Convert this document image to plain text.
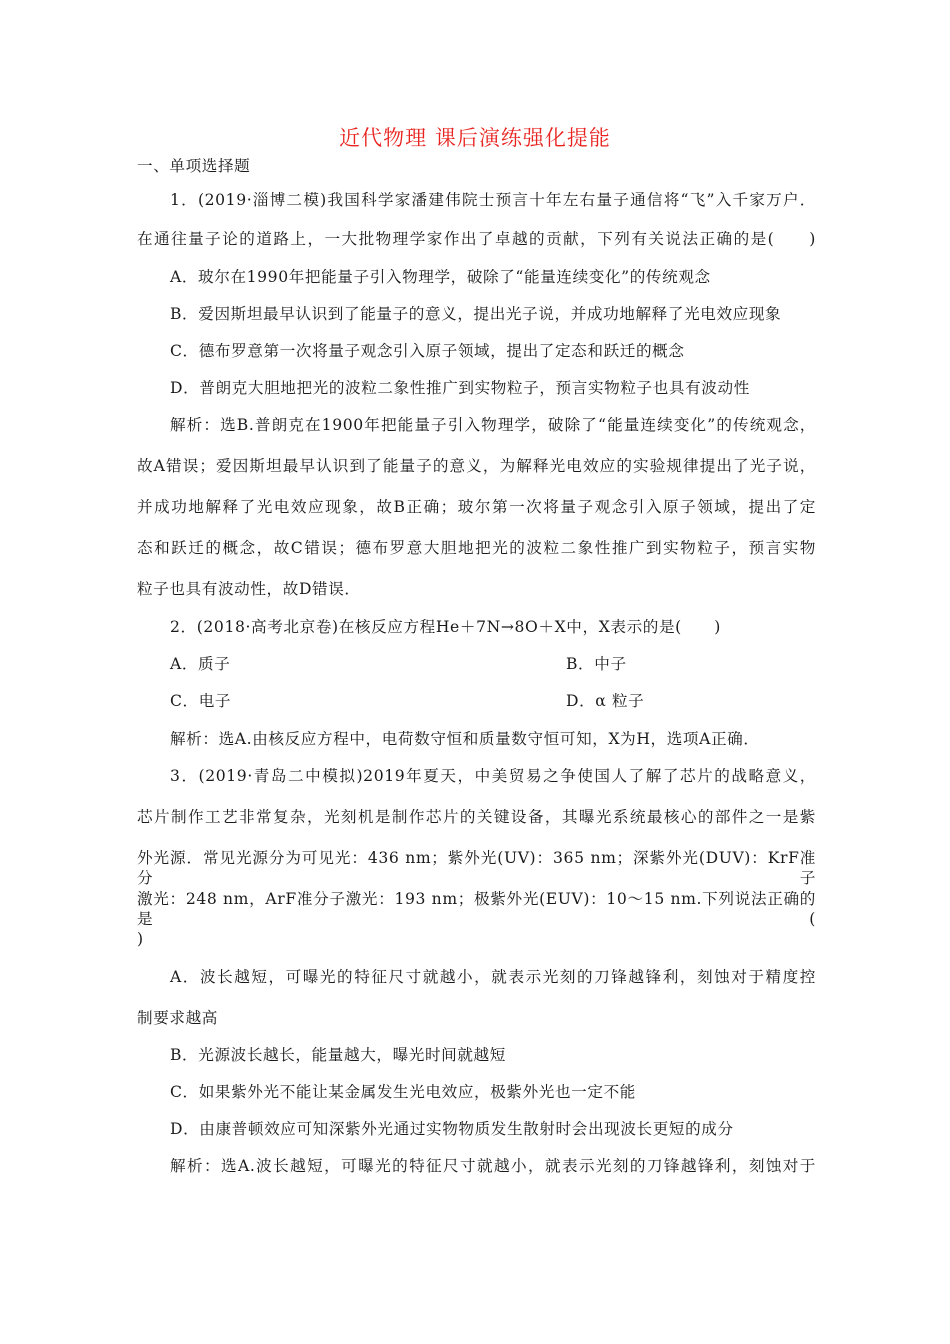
近代物理 课后演练强化提能
一、单项选择题
1．(2019·淄博二模)我国科学家潘建伟院士预言十年左右量子通信将“飞”入千家万户．
在通往量子论的道路上，一大批物理学家作出了卓越的贡献，下列有关说法正确的是(　　)
A．玻尔在1990年把能量子引入物理学，破除了“能量连续变化”的传统观念
B．爱因斯坦最早认识到了能量子的意义，提出光子说，并成功地解释了光电效应现象
C．德布罗意第一次将量子观念引入原子领域，提出了定态和跃迁的概念
D．普朗克大胆地把光的波粒二象性推广到实物粒子，预言实物粒子也具有波动性
解析：选B.普朗克在1900年把能量子引入物理学，破除了“能量连续变化”的传统观念，
故A错误；爱因斯坦最早认识到了能量子的意义，为解释光电效应的实验规律提出了光子说，
并成功地解释了光电效应现象，故B正确；玻尔第一次将量子观念引入原子领域，提出了定
态和跃迁的概念，故C错误；德布罗意大胆地把光的波粒二象性推广到实物粒子，预言实物
粒子也具有波动性，故D错误．
2．(2018·高考北京卷)在核反应方程He＋7N→8O＋X中，X表示的是(　　)
A．质子	B．中子
C．电子	D．α 粒子
解析：选A.由核反应方程中，电荷数守恒和质量数守恒可知，X为H，选项A正确．
3．(2019·青岛二中模拟)2019年夏天，中美贸易之争使国人了解了芯片的战略意义，
芯片制作工艺非常复杂，光刻机是制作芯片的关键设备，其曝光系统最核心的部件之一是紫
外光源．常见光源分为可见光：436 nm；紫外光(UV)：365 nm；深紫外光(DUV)：KrF准分子
激光：248 nm，ArF准分子激光：193 nm；极紫外光(EUV)：10～15 nm.下列说法正确的是(
)
A．波长越短，可曝光的特征尺寸就越小，就表示光刻的刀锋越锋利，刻蚀对于精度控
制要求越高
B．光源波长越长，能量越大，曝光时间就越短
C．如果紫外光不能让某金属发生光电效应，极紫外光也一定不能
D．由康普顿效应可知深紫外光通过实物物质发生散射时会出现波长更短的成分
解析：选A.波长越短，可曝光的特征尺寸就越小，就表示光刻的刀锋越锋利，刻蚀对于
